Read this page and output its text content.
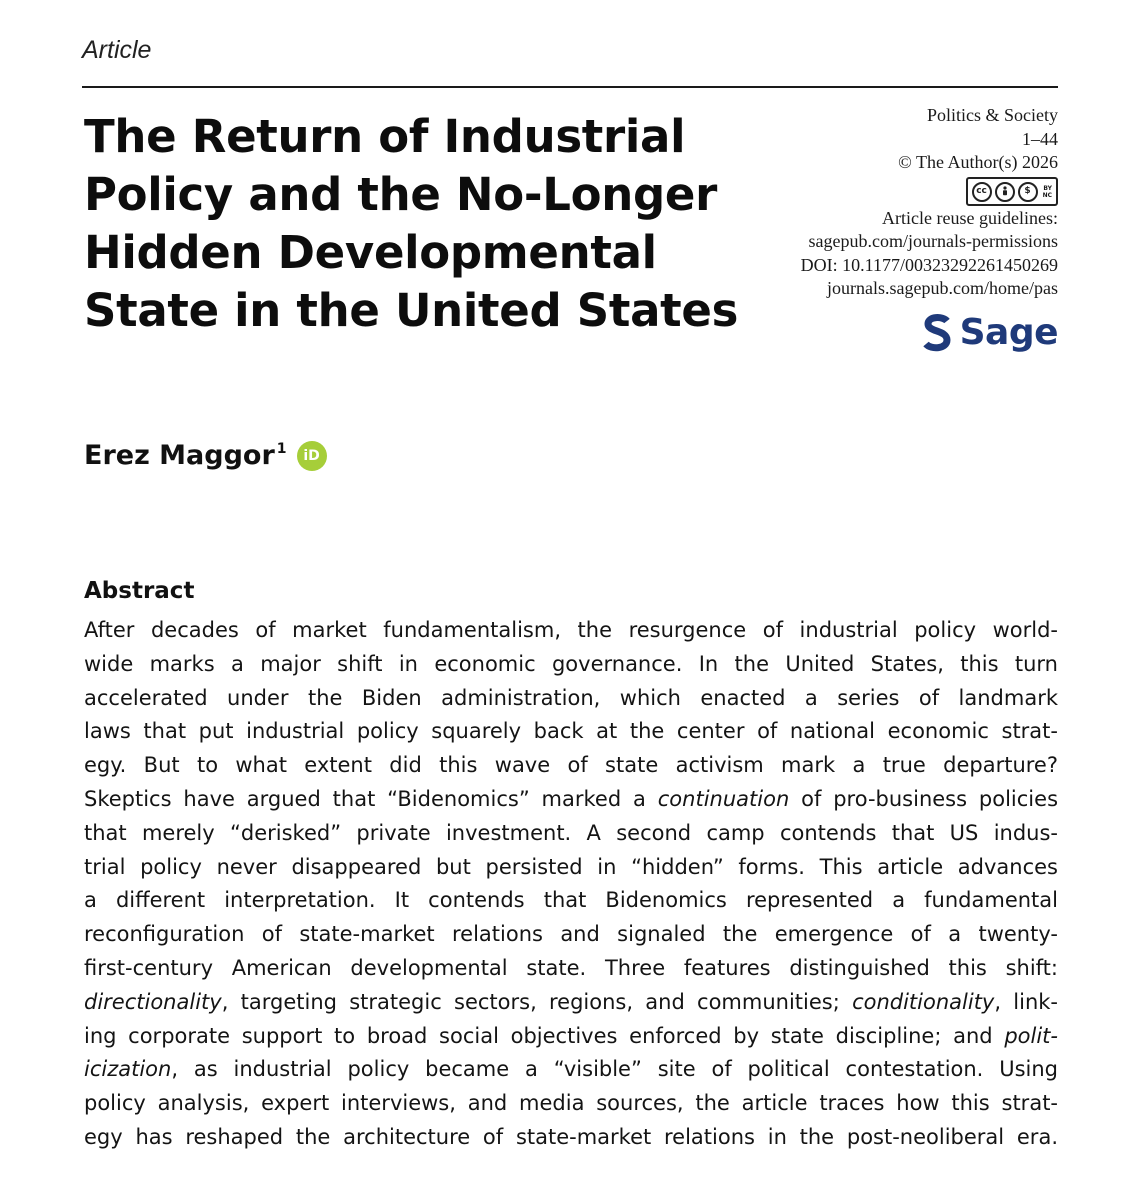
Article
The Return of Industrial
Policy and the No-Longer
Hidden Developmental
State in the United States
Politics & Society
1–44
© The Author(s) 2026
cc	$	BY
NC
Article reuse guidelines:
sagepub.com/journals-permissions
DOI: 10.1177/00323292261450269
journals.sagepub.com/home/pas
Sage
Erez Maggor$^1$	iD
Abstract
After decades of market fundamentalism, the resurgence of industrial policy world-
wide marks a major shift in economic governance. In the United States, this turn
accelerated under the Biden administration, which enacted a series of landmark
laws that put industrial policy squarely back at the center of national economic strat-
egy. But to what extent did this wave of state activism mark a true departure?
Skeptics have argued that “Bidenomics” marked a continuation of pro-business policies
that merely “derisked” private investment. A second camp contends that US indus-
trial policy never disappeared but persisted in “hidden” forms. This article advances
a different interpretation. It contends that Bidenomics represented a fundamental
reconfiguration of state-market relations and signaled the emergence of a twenty-
first-century American developmental state. Three features distinguished this shift:
directionality, targeting strategic sectors, regions, and communities; conditionality, link-
ing corporate support to broad social objectives enforced by state discipline; and polit-
icization, as industrial policy became a “visible” site of political contestation. Using
policy analysis, expert interviews, and media sources, the article traces how this strat-
egy has reshaped the architecture of state-market relations in the post-neoliberal era.
